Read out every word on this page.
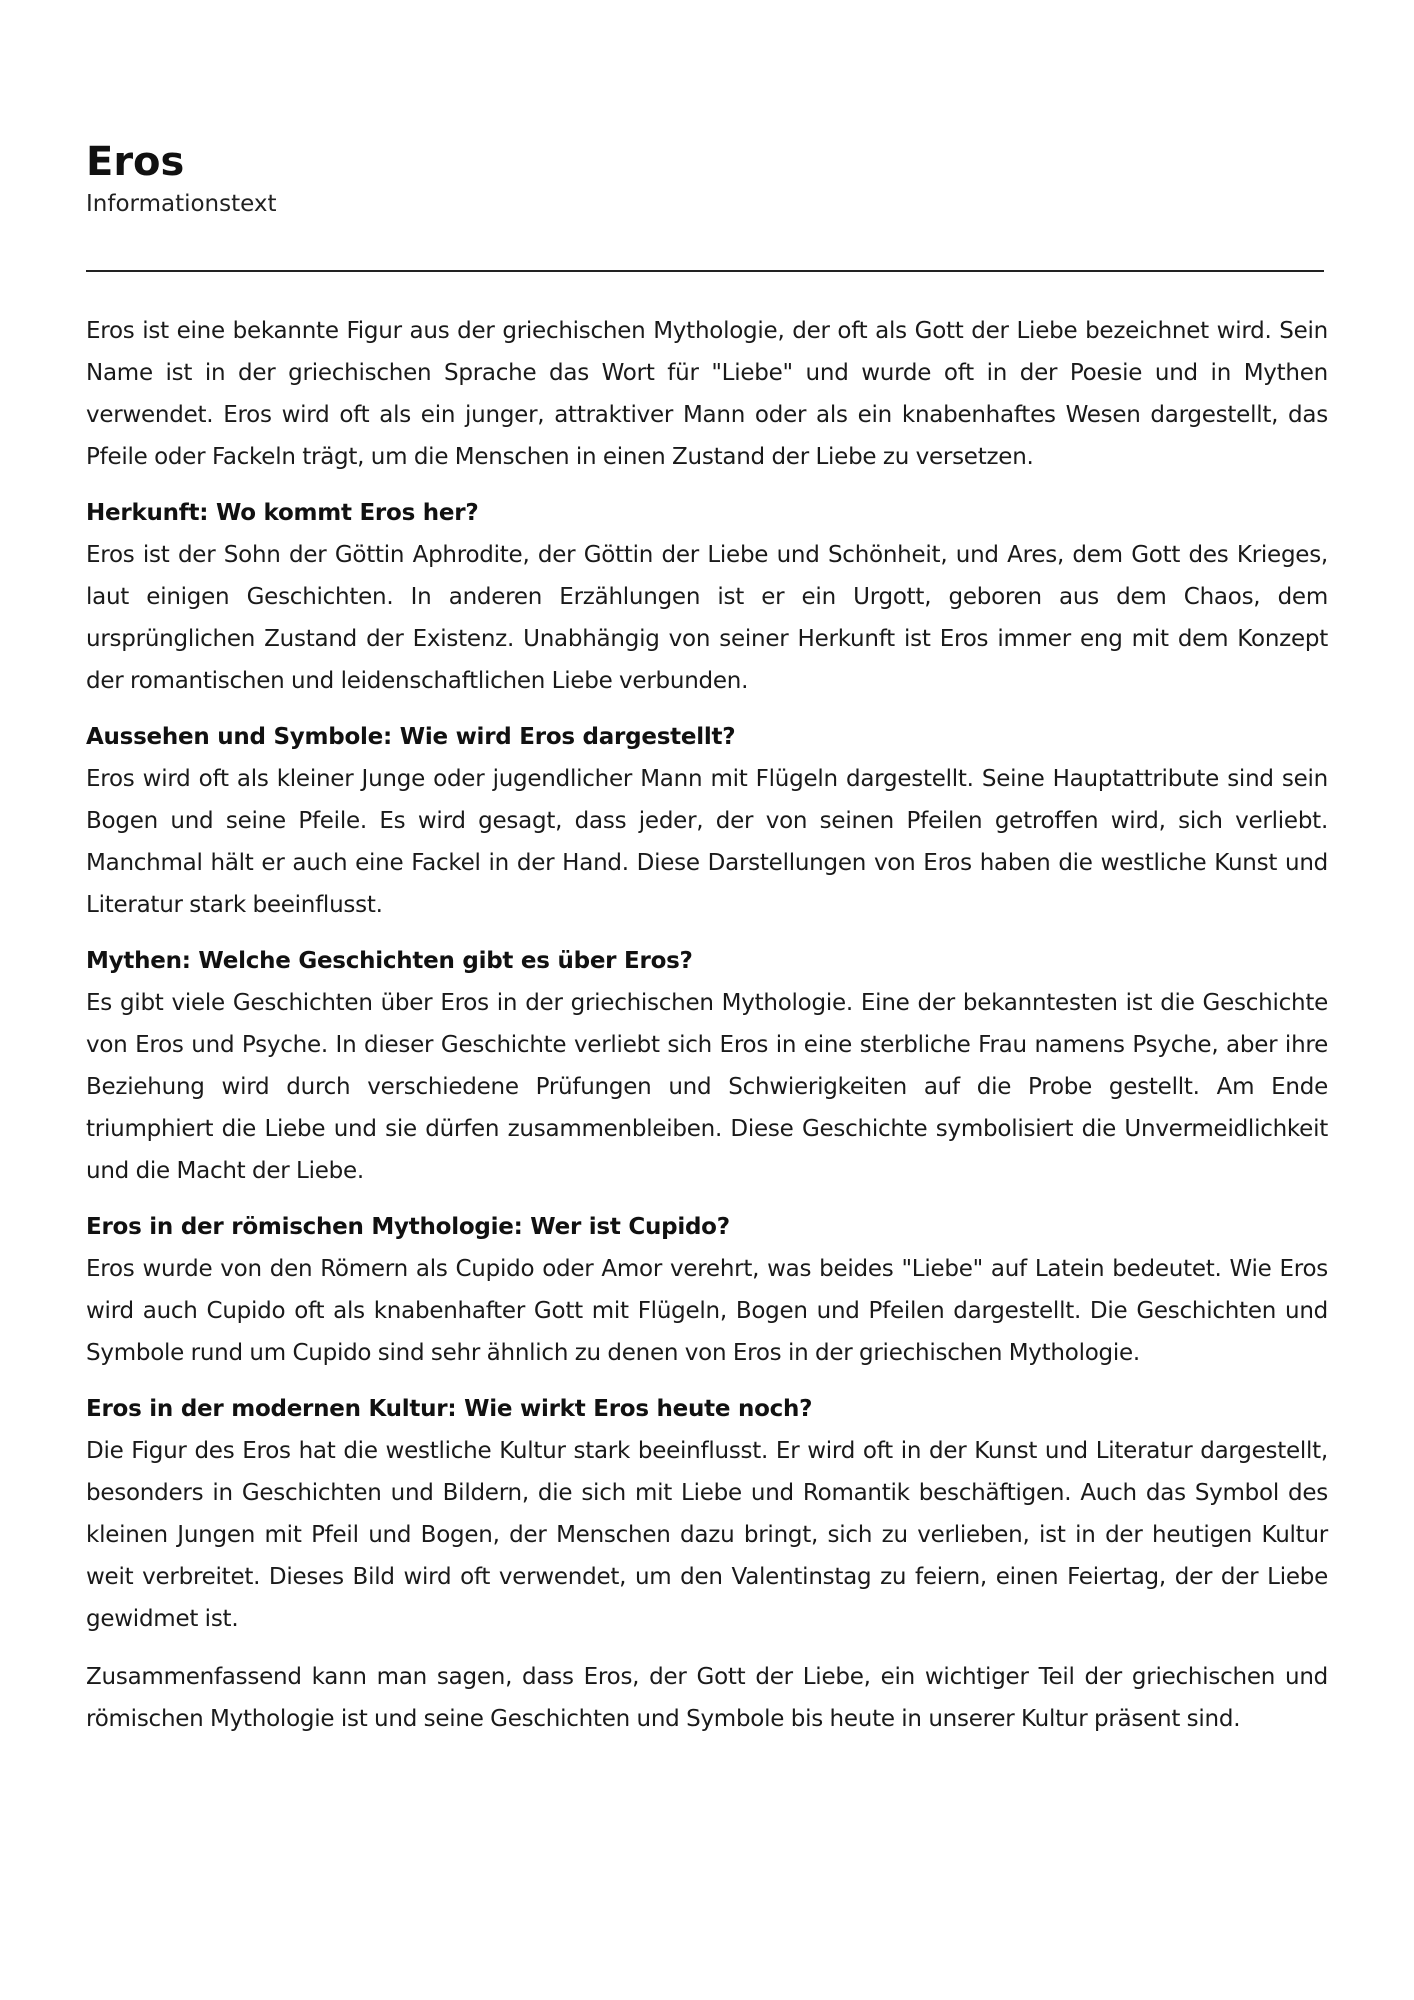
Eros

Informationstext

Eros ist eine bekannte Figur aus der griechischen Mythologie, der oft als Gott der Liebe bezeichnet wird. Sein Name ist in der griechischen Sprache das Wort für "Liebe" und wurde oft in der Poesie und in Mythen verwendet. Eros wird oft als ein junger, attraktiver Mann oder als ein knabenhaftes Wesen dargestellt, das Pfeile oder Fackeln trägt, um die Menschen in einen Zustand der Liebe zu versetzen.

Herkunft: Wo kommt Eros her?

Eros ist der Sohn der Göttin Aphrodite, der Göttin der Liebe und Schönheit, und Ares, dem Gott des Krieges, laut einigen Geschichten. In anderen Erzählungen ist er ein Urgott, geboren aus dem Chaos, dem ursprünglichen Zustand der Existenz. Unabhängig von seiner Herkunft ist Eros immer eng mit dem Konzept der romantischen und leidenschaftlichen Liebe verbunden.

Aussehen und Symbole: Wie wird Eros dargestellt?

Eros wird oft als kleiner Junge oder jugendlicher Mann mit Flügeln dargestellt. Seine Hauptattribute sind sein Bogen und seine Pfeile. Es wird gesagt, dass jeder, der von seinen Pfeilen getroffen wird, sich verliebt. Manchmal hält er auch eine Fackel in der Hand. Diese Darstellungen von Eros haben die westliche Kunst und Literatur stark beeinflusst.

Mythen: Welche Geschichten gibt es über Eros?

Es gibt viele Geschichten über Eros in der griechischen Mythologie. Eine der bekanntesten ist die Geschichte von Eros und Psyche. In dieser Geschichte verliebt sich Eros in eine sterbliche Frau namens Psyche, aber ihre Beziehung wird durch verschiedene Prüfungen und Schwierigkeiten auf die Probe gestellt. Am Ende triumphiert die Liebe und sie dürfen zusammenbleiben. Diese Geschichte symbolisiert die Unvermeidlichkeit und die Macht der Liebe.

Eros in der römischen Mythologie: Wer ist Cupido?

Eros wurde von den Römern als Cupido oder Amor verehrt, was beides "Liebe" auf Latein bedeutet. Wie Eros wird auch Cupido oft als knabenhafter Gott mit Flügeln, Bogen und Pfeilen dargestellt. Die Geschichten und Symbole rund um Cupido sind sehr ähnlich zu denen von Eros in der griechischen Mythologie.

Eros in der modernen Kultur: Wie wirkt Eros heute noch?

Die Figur des Eros hat die westliche Kultur stark beeinflusst. Er wird oft in der Kunst und Literatur dargestellt, besonders in Geschichten und Bildern, die sich mit Liebe und Romantik beschäftigen. Auch das Symbol des kleinen Jungen mit Pfeil und Bogen, der Menschen dazu bringt, sich zu verlieben, ist in der heutigen Kultur weit verbreitet. Dieses Bild wird oft verwendet, um den Valentinstag zu feiern, einen Feiertag, der der Liebe gewidmet ist.

Zusammenfassend kann man sagen, dass Eros, der Gott der Liebe, ein wichtiger Teil der griechischen und römischen Mythologie ist und seine Geschichten und Symbole bis heute in unserer Kultur präsent sind.
